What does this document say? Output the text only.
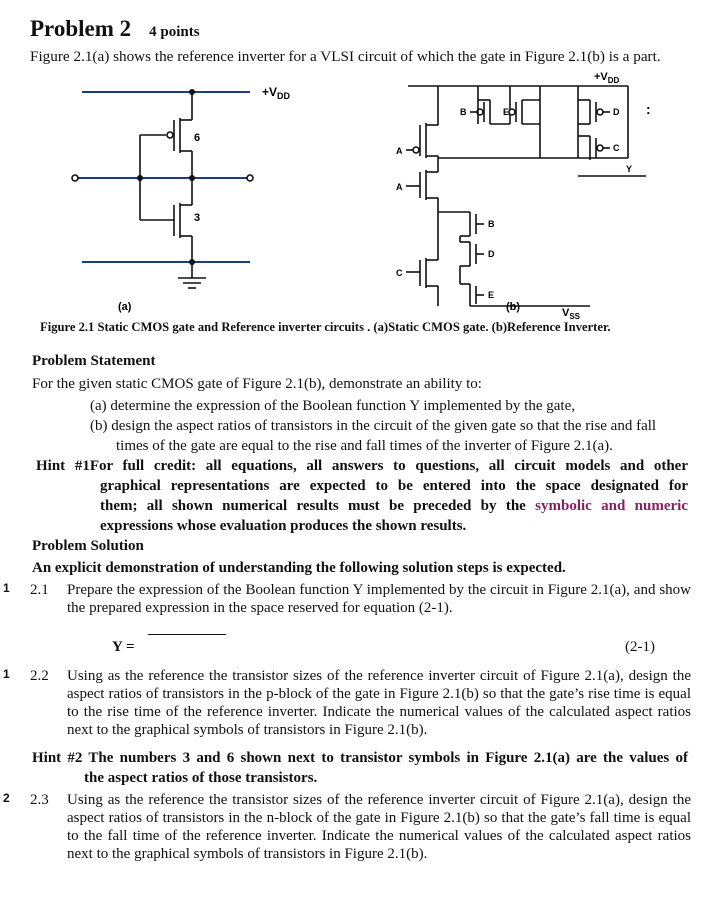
Problem 2 4 points
Figure 2.1(a) shows the reference inverter for a VLSI circuit of which the gate in Figure 2.1(b) is a part.
6
3
$+V_{DD}$
(a)
A
A
B	E	D
C
B
D
C
E
Y
:
$+V_{DD}$
$V_{SS}$
(b)
Figure 2.1 Static CMOS gate and Reference inverter circuits . (a)Static CMOS gate. (b)Reference Inverter.
Problem Statement
For the given static CMOS gate of Figure 2.1(b), demonstrate an ability to:
(a) determine the expression of the Boolean function Y implemented by the gate,
(b) design the aspect ratios of transistors in the circuit of the given gate so that the rise and fall
times of the gate are equal to the rise and fall times of the inverter of Figure 2.1(a).
Hint #1For full credit: all equations, all answers to questions, all circuit models and other
graphical representations are expected to be entered into the space designated for
them; all shown numerical results must be preceded by the symbolic and numeric
expressions whose evaluation produces the shown results.
Problem Solution
An explicit demonstration of understanding the following solution steps is expected.
1 2.1 Prepare the expression of the Boolean function Y implemented by the circuit in Figure 2.1(a), and show the prepared expression in the space reserved for equation (2-1).
Y =	(2-1)
1 2.2 Using as the reference the transistor sizes of the reference inverter circuit of Figure 2.1(a), design the aspect ratios of transistors in the p-block of the gate in Figure 2.1(b) so that the gate’s rise time is equal to the rise time of the reference inverter. Indicate the numerical values of the calculated aspect ratios next to the graphical symbols of transistors in Figure 2.1(b).
Hint #2 The numbers 3 and 6 shown next to transistor symbols in Figure 2.1(a) are the values of
the aspect ratios of those transistors.
2 2.3 Using as the reference the transistor sizes of the reference inverter circuit of Figure 2.1(a), design the aspect ratios of transistors in the n-block of the gate in Figure 2.1(b) so that the gate’s fall time is equal to the fall time of the reference inverter. Indicate the numerical values of the calculated aspect ratios next to the graphical symbols of transistors in Figure 2.1(b).
